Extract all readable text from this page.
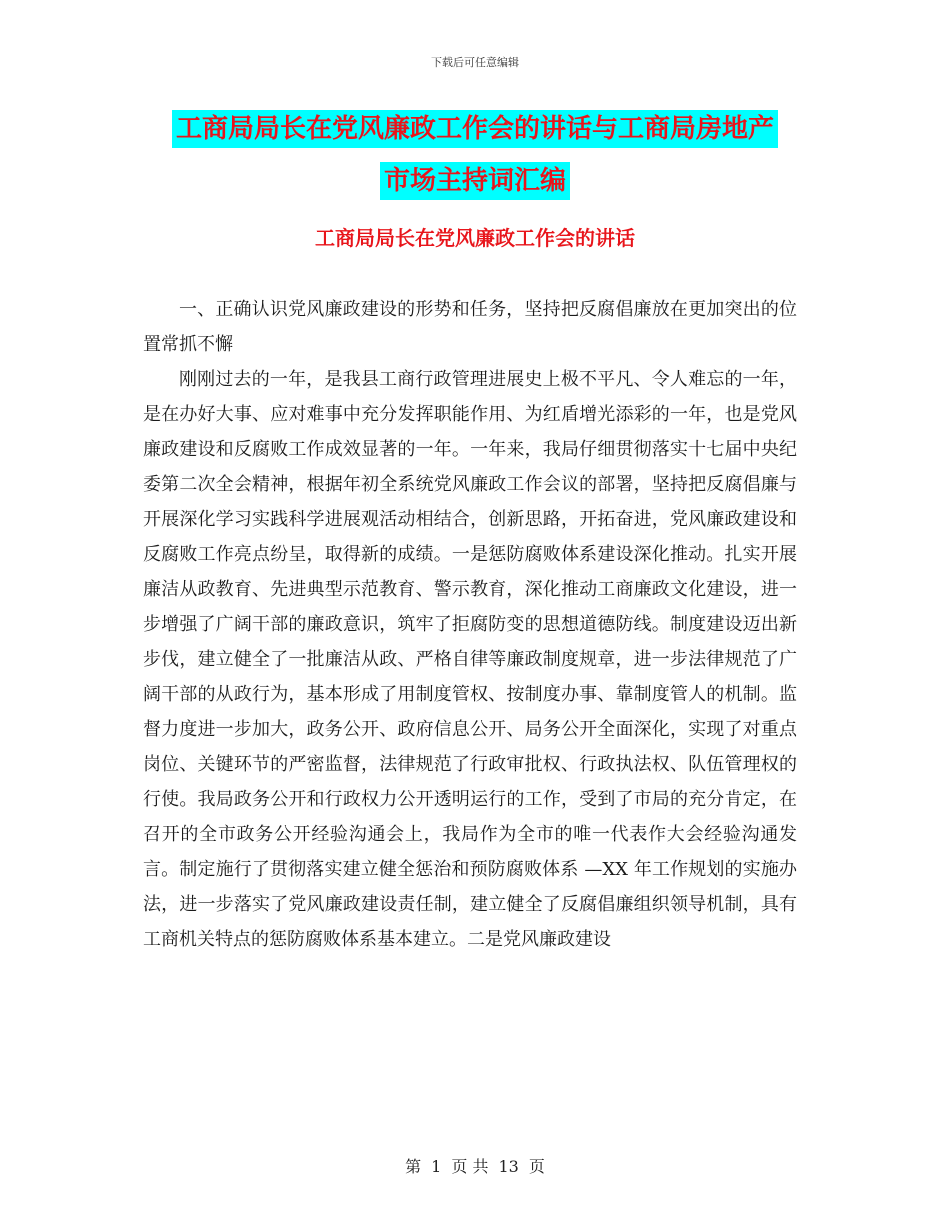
下载后可任意编辑
工商局局长在党风廉政工作会的讲话与工商局房地产
市场主持词汇编
工商局局长在党风廉政工作会的讲话

一、正确认识党风廉政建设的形势和任务，坚持把反腐倡廉放在更加突出的位置常抓不懈

刚刚过去的一年，是我县工商行政管理进展史上极不平凡、令人难忘的一年，是在办好大事、应对难事中充分发挥职能作用、为红盾增光添彩的一年，也是党风廉政建设和反腐败工作成效显著的一年。一年来，我局仔细贯彻落实十七届中央纪委第二次全会精神，根据年初全系统党风廉政工作会议的部署，坚持把反腐倡廉与开展深化学习实践科学进展观活动相结合，创新思路，开拓奋进，党风廉政建设和反腐败工作亮点纷呈，取得新的成绩。一是惩防腐败体系建设深化推动。扎实开展廉洁从政教育、先进典型示范教育、警示教育，深化推动工商廉政文化建设，进一步增强了广阔干部的廉政意识，筑牢了拒腐防变的思想道德防线。制度建设迈出新步伐，建立健全了一批廉洁从政、严格自律等廉政制度规章，进一步法律规范了广阔干部的从政行为，基本形成了用制度管权、按制度办事、靠制度管人的机制。监督力度进一步加大，政务公开、政府信息公开、局务公开全面深化，实现了对重点岗位、关键环节的严密监督，法律规范了行政审批权、行政执法权、队伍管理权的行使。我局政务公开和行政权力公开透明运行的工作，受到了市局的充分肯定，在 召开的全市政务公开经验沟通会上，我局作为全市的唯一代表作大会经验沟通发言。制定施行了贯彻落实建立健全惩治和预防腐败体系 —XX 年工作规划的实施办法，进一步落实了党风廉政建设责任制，建立健全了反腐倡廉组织领导机制，具有工商机关特点的惩防腐败体系基本建立。二是党风廉政建设

第 1 页 共 13 页
